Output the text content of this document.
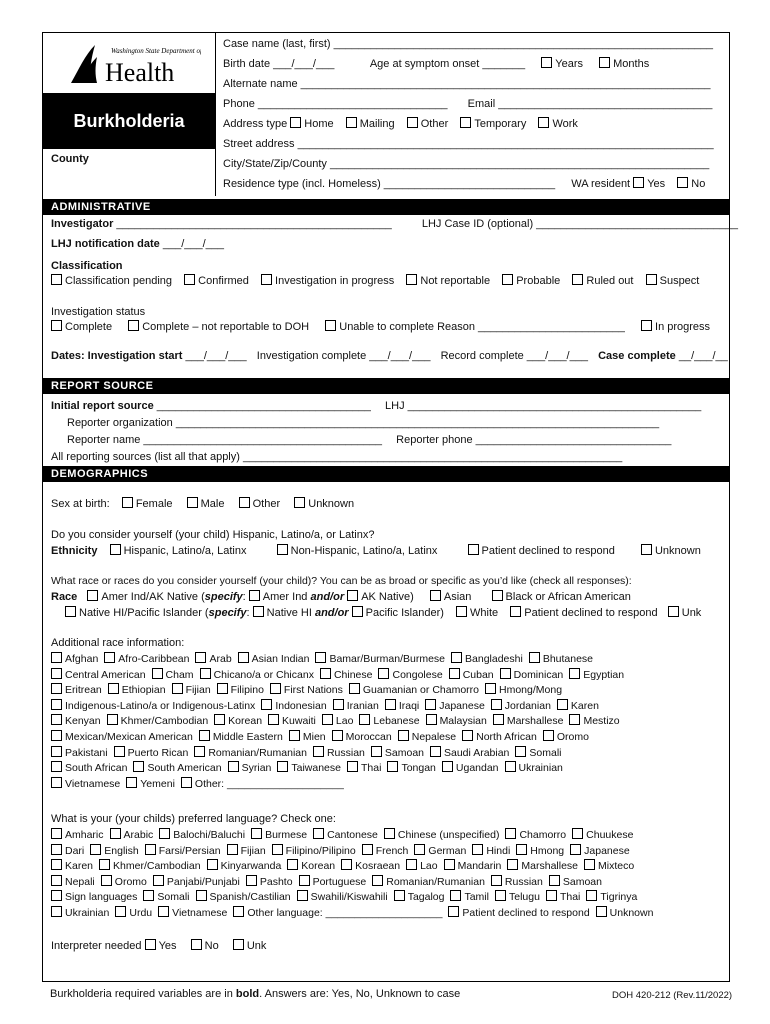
Washington State Department of
Health
Burkholderia
County
Case name (last, first) ______________________________________________________________
Birth date ___/___/___	Age at symptom onset _______	Years	Months
Alternate name ___________________________________________________________________
Phone _______________________________ Email ___________________________________
Address type Home Mailing Other Temporary Work
Street address ____________________________________________________________________
City/State/Zip/County ______________________________________________________________
Residence type (incl. Homeless) ____________________________ WA resident Yes No
ADMINISTRATIVE
Investigator _____________________________________________	LHJ Case ID (optional) _________________________________
LHJ notification date ___/___/___
Classification
Classification pending Confirmed Investigation in progress Not reportable Probable Ruled out Suspect
Investigation status
Complete	Complete – not reportable to DOH	Unable to complete Reason ________________________	In progress
Dates: Investigation start ___/___/___ Investigation complete ___/___/___ Record complete ___/___/___ Case complete __/___/__
REPORT SOURCE
Initial report source ___________________________________ LHJ ________________________________________________
Reporter organization _______________________________________________________________________________
Reporter name _______________________________________ Reporter phone ________________________________
All reporting sources (list all that apply) ______________________________________________________________
DEMOGRAPHICS
Sex at birth: Female	Male	Other	Unknown
Do you consider yourself (your child) Hispanic, Latino/a, or Latinx?
Ethnicity Hispanic, Latino/a, Latinx	Non-Hispanic, Latino/a, Latinx	Patient declined to respond	Unknown
What race or races do you consider yourself (your child)? You can be as broad or specific as you’d like (check all responses):
Race Amer Ind/AK Native (specify: Amer Ind and/or AK Native)	Asian	Black or African American
Native HI/Pacific Islander (specify: Native HI and/or Pacific Islander) White Patient declined to respond Unk
Additional race information:
What is your (your childs) preferred language? Check one:
Interpreter needed Yes	No	Unk
Afghan Afro-Caribbean Arab Asian Indian Bamar/Burman/Burmese Bangladeshi Bhutanese
Central American Cham Chicano/a or Chicanx Chinese Congolese Cuban Dominican Egyptian
Eritrean Ethiopian Fijian Filipino First Nations Guamanian or Chamorro Hmong/Mong
Indigenous-Latino/a or Indigenous-Latinx Indonesian Iranian Iraqi Japanese Jordanian Karen
Kenyan Khmer/Cambodian Korean Kuwaiti Lao Lebanese Malaysian Marshallese Mestizo
Mexican/Mexican American Middle Eastern Mien Moroccan Nepalese North African Oromo
Pakistani Puerto Rican Romanian/Rumanian Russian Samoan Saudi Arabian Somali
South African South American Syrian Taiwanese Thai Tongan Ugandan Ukrainian
Vietnamese Yemeni Other: ____________________
Amharic Arabic Balochi/Baluchi Burmese Cantonese Chinese (unspecified) Chamorro Chuukese
Dari English Farsi/Persian Fijian Filipino/Pilipino French German Hindi Hmong Japanese
Karen Khmer/Cambodian Kinyarwanda Korean Kosraean Lao Mandarin Marshallese Mixteco
Nepali Oromo Panjabi/Punjabi Pashto Portuguese Romanian/Rumanian Russian Samoan
Sign languages Somali Spanish/Castilian Swahili/Kiswahili Tagalog Tamil Telugu Thai Tigrinya
Ukrainian Urdu Vietnamese Other language: ____________________ Patient declined to respond Unknown
Burkholderia required variables are in bold. Answers are: Yes, No, Unknown to case	DOH 420-212 (Rev.11/2022)
